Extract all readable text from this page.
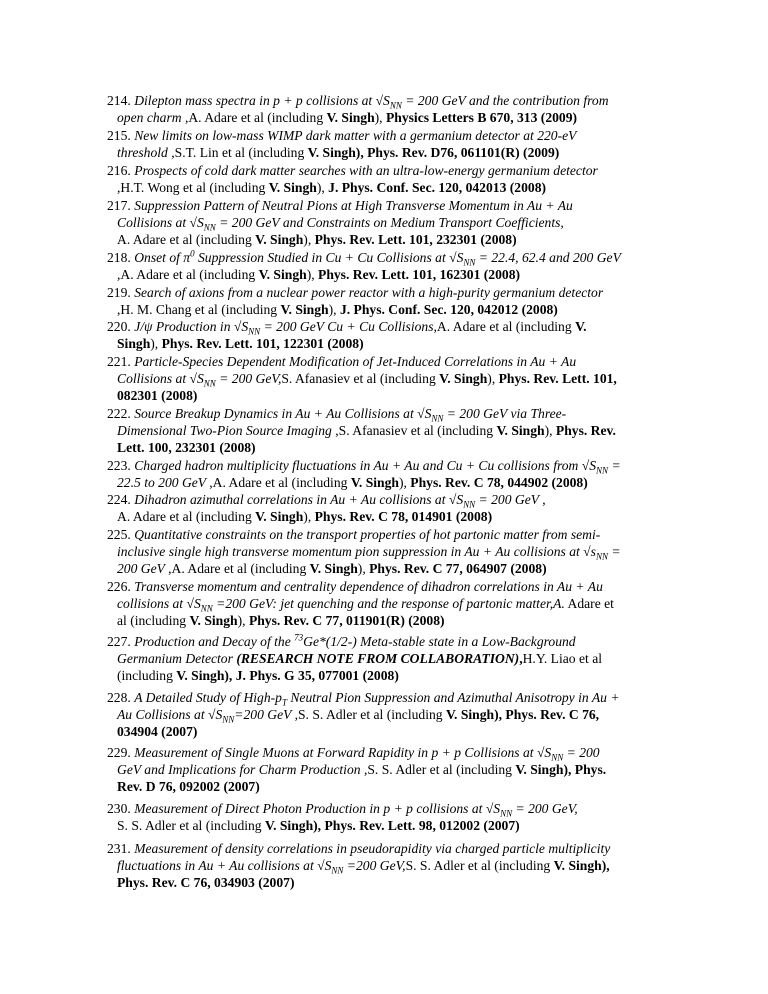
214. Dilepton mass spectra in p + p collisions at $√S_{NN} = 200$ GeV and the contribution from

open charm ,A. Adare et al (including V. Singh), Physics Letters B 670, 313 (2009)

215. New limits on low-mass WIMP dark matter with a germanium detector at 220-eV

threshold ,S.T. Lin et al (including V. Singh), Phys. Rev. D76, 061101(R) (2009)

216. Prospects of cold dark matter searches with an ultra-low-energy germanium detector

,H.T. Wong et al (including V. Singh), J. Phys. Conf. Sec. 120, 042013 (2008)

217. Suppression Pattern of Neutral Pions at High Transverse Momentum in Au + Au

Collisions at $√S_{NN} = 200$ GeV and Constraints on Medium Transport Coefficients,

A. Adare et al (including V. Singh), Phys. Rev. Lett. 101, 232301 (2008)

218. Onset of $\pi^0$ Suppression Studied in Cu + Cu Collisions at $√S_{NN} = 22.4$, 62.4 and 200 GeV

,A. Adare et al (including V. Singh), Phys. Rev. Lett. 101, 162301 (2008)

219. Search of axions from a nuclear power reactor with a high-purity germanium detector

,H. M. Chang et al (including V. Singh), J. Phys. Conf. Sec. 120, 042012 (2008)

220. J/ψ Production in $√S_{NN} = 200$ GeV Cu + Cu Collisions,A. Adare et al (including V.

Singh), Phys. Rev. Lett. 101, 122301 (2008)

221. Particle-Species Dependent Modification of Jet-Induced Correlations in Au + Au

Collisions at $√S_{NN} = 200$ GeV,S. Afanasiev et al (including V. Singh), Phys. Rev. Lett. 101,

082301 (2008)

222. Source Breakup Dynamics in Au + Au Collisions at $√S_{NN} = 200$ GeV via Three-

Dimensional Two-Pion Source Imaging ,S. Afanasiev et al (including V. Singh), Phys. Rev.

Lett. 100, 232301 (2008)

223. Charged hadron multiplicity fluctuations in Au + Au and Cu + Cu collisions from $√S_{NN}$ =

22.5 to 200 GeV ,A. Adare et al (including V. Singh), Phys. Rev. C 78, 044902 (2008)

224. Dihadron azimuthal correlations in Au + Au collisions at $√S_{NN} = 200$ GeV ,

A. Adare et al (including V. Singh), Phys. Rev. C 78, 014901 (2008)

225. Quantitative constraints on the transport properties of hot partonic matter from semi-

inclusive single high transverse momentum pion suppression in Au + Au collisions at $√s_{NN}$ =

200 GeV ,A. Adare et al (including V. Singh), Phys. Rev. C 77, 064907 (2008)

226. Transverse momentum and centrality dependence of dihadron correlations in Au + Au

collisions at $√S_{NN} =200$ GeV: jet quenching and the response of partonic matter,A. Adare et

al (including V. Singh), Phys. Rev. C 77, 011901(R) (2008)

227. Production and Decay of the $^{73}$Ge*(1/2-) Meta-stable state in a Low-Background

Germanium Detector (RESEARCH NOTE FROM COLLABORATION),H.Y. Liao et al

(including V. Singh), J. Phys. G 35, 077001 (2008)

228. A Detailed Study of High-$p_T$ Neutral Pion Suppression and Azimuthal Anisotropy in Au +

Au Collisions at $√S_{NN}=200$ GeV ,S. S. Adler et al (including V. Singh), Phys. Rev. C 76,

034904 (2007)

229. Measurement of Single Muons at Forward Rapidity in p + p Collisions at $√S_{NN} = 200$

GeV and Implications for Charm Production ,S. S. Adler et al (including V. Singh), Phys.

Rev. D 76, 092002 (2007)

230. Measurement of Direct Photon Production in p + p collisions at $√S_{NN} = 200$ GeV,

S. S. Adler et al (including V. Singh), Phys. Rev. Lett. 98, 012002 (2007)

231. Measurement of density correlations in pseudorapidity via charged particle multiplicity

fluctuations in Au + Au collisions at $√S_{NN} =200$ GeV,S. S. Adler et al (including V. Singh),

Phys. Rev. C 76, 034903 (2007)
